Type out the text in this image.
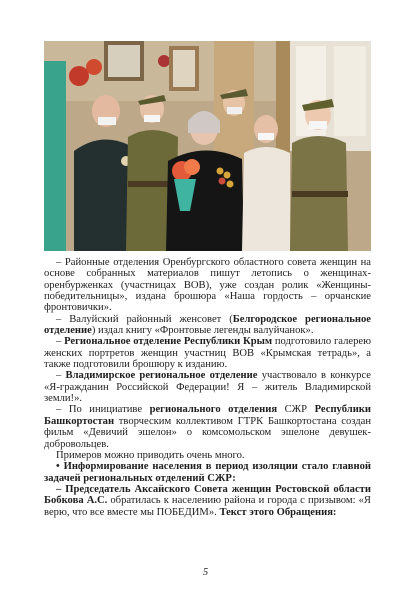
– Районные отделения Оренбургского областного совета женщин на основе собранных материалов пишут летопись о женщинах-оренбурженках (участницах ВОВ), уже создан ролик «Женщины-победительницы», издана брошюра «Наша гордость – орчанские фронтовички».

– Валуйский районный женсовет (Белгородское региональное отделение) издал книгу «Фронтовые легенды валуйчанок».

– Региональное отделение Республики Крым подготовило галерею женских портретов женщин участниц ВОВ «Крымская тетрадь», а также подготовили брошюру к изданию.

– Владимирское региональное отделение участвовало в конкурсе «Я-гражданин Российской Федерации! Я – житель Владимирской земли!».

– По инициативе регионального отделения СЖР Республики Башкортостан творческим коллективом ГТРК Башкортостана создан фильм «Девичий эшелон» о комсомольском эшелоне девушек-добровольцев.

Примеров можно приводить очень много.

• Информирование населения в период изоляции стало главной задачей региональных отделений СЖР:

– Председатель Аксайского Совета женщин Ростовской области Бобкова А.С. обратилась к населению района и города с призывом: «Я верю, что все вместе мы ПОБЕДИМ». Текст этого Обращения:

5
